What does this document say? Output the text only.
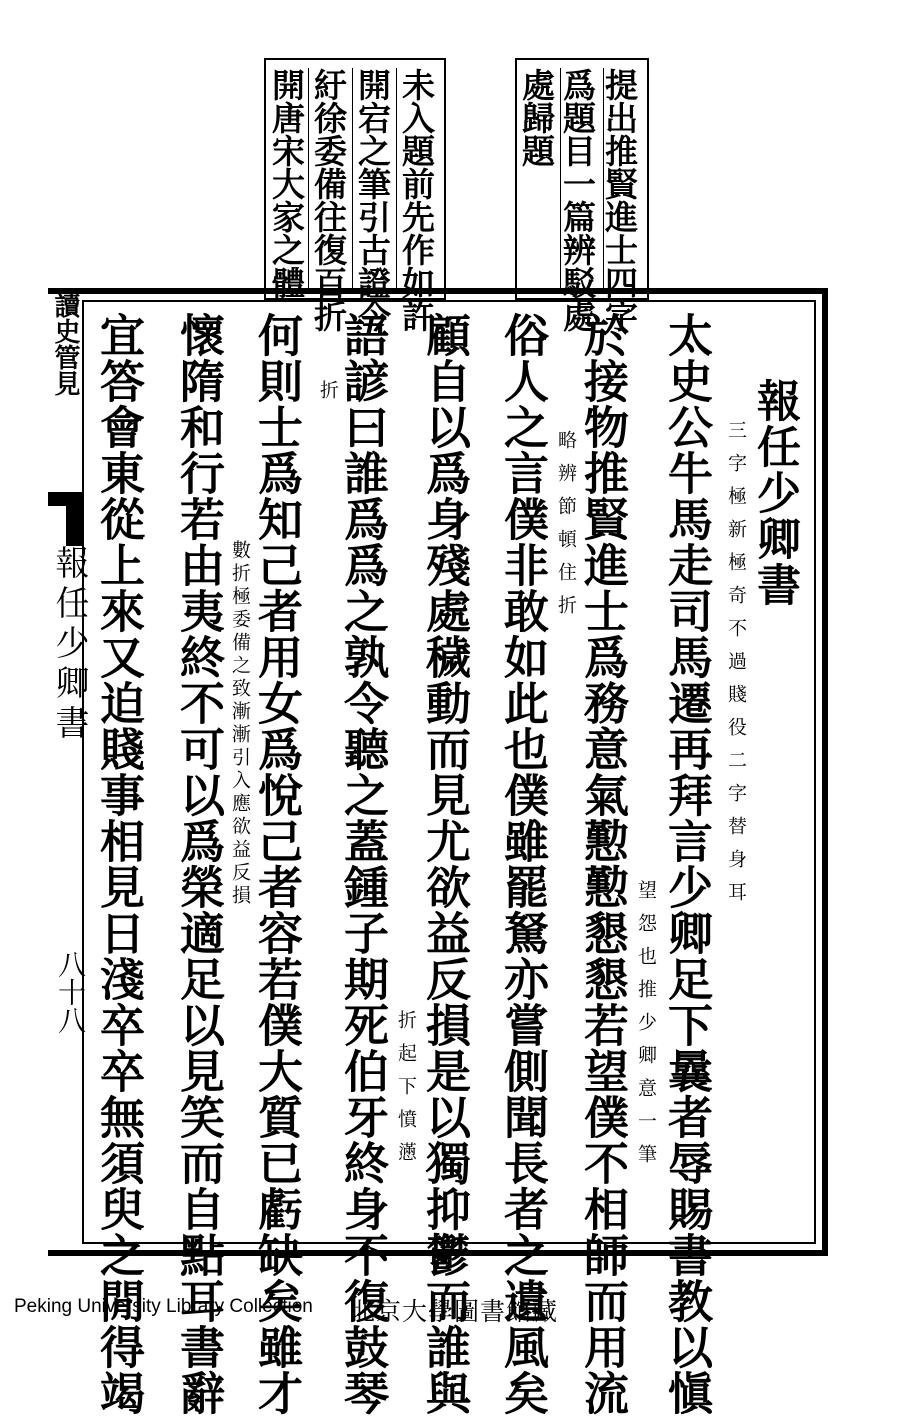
未入題前先作如許
開宕之筆引古證今
紆徐委備往復百折
開唐宋大家之體	提出推賢進士四字
爲題目一篇辨駁處
處歸題
讀史管見
報任少卿書
八十八
報任少卿書
三字極新極奇不過賤役二字替身耳
太史公牛馬走司馬遷再拜言少卿足下曩者辱賜書教以愼
望怨也推少卿意一筆
於接物推賢進士爲務意氣懃懃懇懇若望僕不相師而用流
略辨節頓住折
俗人之言僕非敢如此也僕雖罷駑亦嘗側聞長者之遺風矣
顧自以爲身殘處穢動而見尤欲益反損是以獨抑鬱而誰與
折起下憤懣
語諺曰誰爲爲之孰令聽之蓋鍾子期死伯牙終身不復鼓琴
折
何則士爲知己者用女爲悅己者容若僕大質已虧缺矣雖才
數折極委備之致漸漸引入應欲益反損
懷隋和行若由夷終不可以爲榮適足以見笑而自點耳書辭
宜答會東從上來又迫賤事相見日淺卒卒無須臾之閒得竭
Peking University Library Collection 北京大學圖書館藏
